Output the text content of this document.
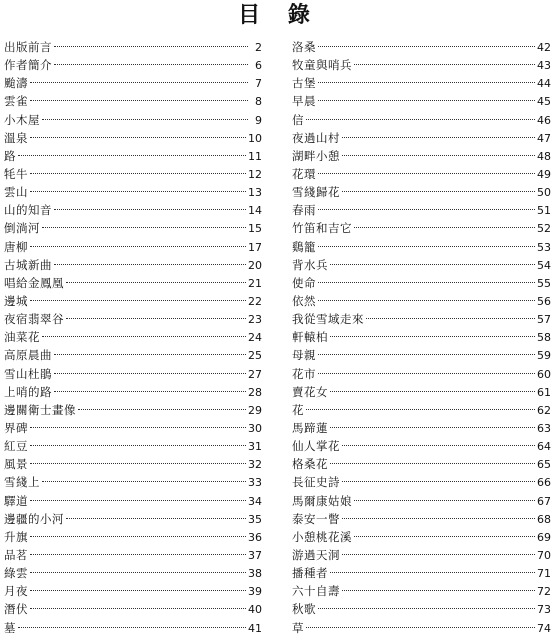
目 錄
出版前言	2
作者簡介	6
颱濤	7
雲雀	8
小木屋	9
溫泉	10
路	11
牦牛	12
雲山	13
山的知音	14
倒淌河	15
唐柳	17
古城新曲	20
唱給金鳳凰	21
邊城	22
夜宿翡翠谷	23
油菜花	24
高原晨曲	25
雪山杜鵑	27
上哨的路	28
邊關衛士畫像	29
界碑	30
紅豆	31
風景	32
雪綫上	33
驛道	34
邊疆的小河	35
升旗	36
品茗	37
綠雲	38
月夜	39
潛伏	40
墓	41
洛桑	42
牧童與哨兵	43
古堡	44
早晨	45
信	46
夜過山村	47
湖畔小憩	48
花環	49
雪綫歸花	50
春雨	51
竹笛和吉它	52
鷄籠	53
背水兵	54
使命	55
依然	56
我從雪域走來	57
軒轅柏	58
母親	59
花市	60
賣花女	61
花	62
馬蹄蓮	63
仙人掌花	64
格桑花	65
長征史詩	66
馬爾康姑娘	67
泰安一瞥	68
小憩桃花溪	69
游過天洞	70
播種者	71
六十自壽	72
秋歌	73
草	74
